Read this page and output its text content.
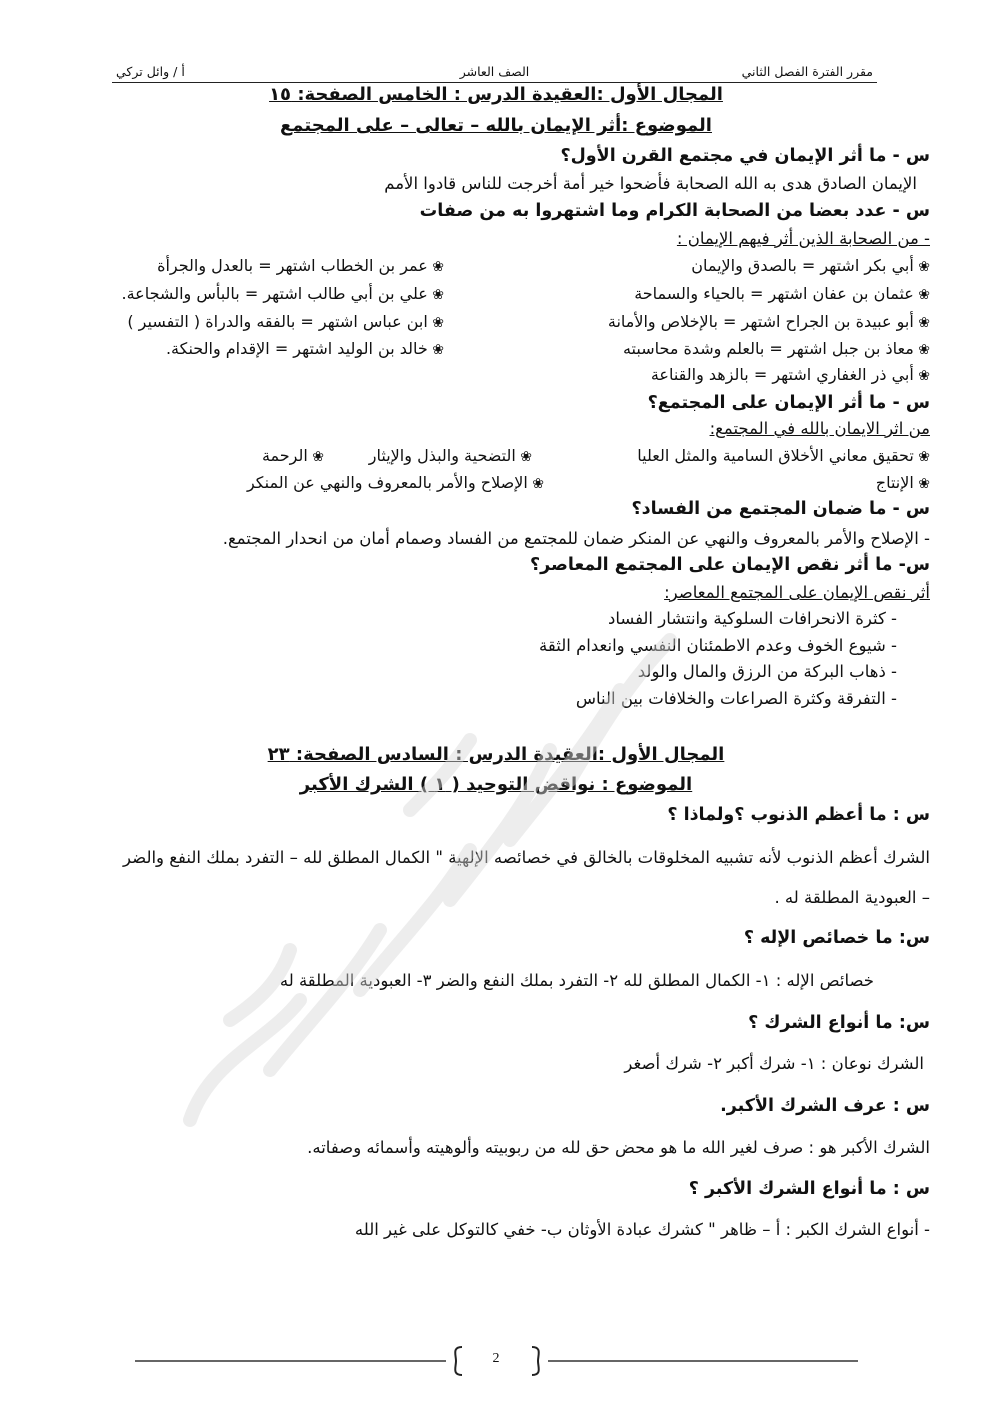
مقرر الفترة الفصل الثاني
الصف العاشر
أ / وائل تركي
المجال الأول :العقيدة الدرس : الخامس الصفحة: ١٥
الموضوع :أثر الإيمان بالله – تعالى – على المجتمع
س - ما أثر الإيمان في مجتمع القرن الأول؟
الإيمان الصادق هدى به الله الصحابة فأضحوا خير أمة أخرجت للناس قادوا الأمم
س - عدد بعضا من الصحابة الكرام وما اشتهروا به من صفات
- من الصحابة الذين أثر فيهم الإيمان :
❀ أبي بكر اشتهر = بالصدق والإيمان
❀ عثمان بن عفان اشتهر = بالحياء والسماحة
❀ أبو عبيدة بن الجراح اشتهر = بالإخلاص والأمانة
❀ معاذ بن جبل اشتهر = بالعلم وشدة محاسبته
❀ أبي ذر الغفاري اشتهر = بالزهد والقناعة
❀ عمر بن الخطاب اشتهر = بالعدل والجرأة
❀ علي بن أبي طالب اشتهر = بالبأس والشجاعة.
❀ ابن عباس اشتهر = بالفقه والدراة ( التفسير )
❀ خالد بن الوليد اشتهر = الإقدام والحنكة.
س - ما أثر الإيمان على المجتمع؟
من اثر الايمان بالله في المجتمع:
❀ تحقيق معاني الأخلاق السامية والمثل العليا
❀ التضحية والبذل والإيثار
❀ الرحمة
❀ الإنتاج
❀ الإصلاح والأمر بالمعروف والنهي عن المنكر
س - ما ضمان المجتمع من الفساد؟
- الإصلاح والأمر بالمعروف والنهي عن المنكر ضمان للمجتمع من الفساد وصمام أمان من انحدار المجتمع.
س- ما أثر نقص الإيمان على المجتمع المعاصر؟
أثر نقص الإيمان على المجتمع المعاصر:
- كثرة الانحرافات السلوكية وانتشار الفساد
- شيوع الخوف وعدم الاطمئنان النفسي وانعدام الثقة
- ذهاب البركة من الرزق والمال والولد
- التفرقة وكثرة الصراعات والخلافات بين الناس
المجال الأول :العقيدة الدرس : السادس الصفحة: ٢٣
الموضوع : نواقض التوحيد ( ١ ) الشرك الأكبر
س : ما أعظم الذنوب ؟ولماذا ؟
الشرك أعظم الذنوب لأنه تشبيه المخلوقات بالخالق في خصائصه الإلهية " الكمال المطلق لله – التفرد بملك النفع والضر
– العبودية المطلقة له .
س: ما خصائص الإله ؟
خصائص الإله : ١- الكمال المطلق لله ٢- التفرد بملك النفع والضر ٣- العبودية المطلقة له
س: ما أنواع الشرك ؟
الشرك نوعان : ١- شرك أكبر ٢- شرك أصغر
س : عرف الشرك الأكبر.
الشرك الأكبر هو : صرف لغير الله ما هو محض حق لله من ربوبيته وألوهيته وأسمائه وصفاته.
س : ما أنواع الشرك الأكبر ؟
- أنواع الشرك الكبر : أ – ظاهر " كشرك عبادة الأوثان ب- خفي كالتوكل على غير الله
2
